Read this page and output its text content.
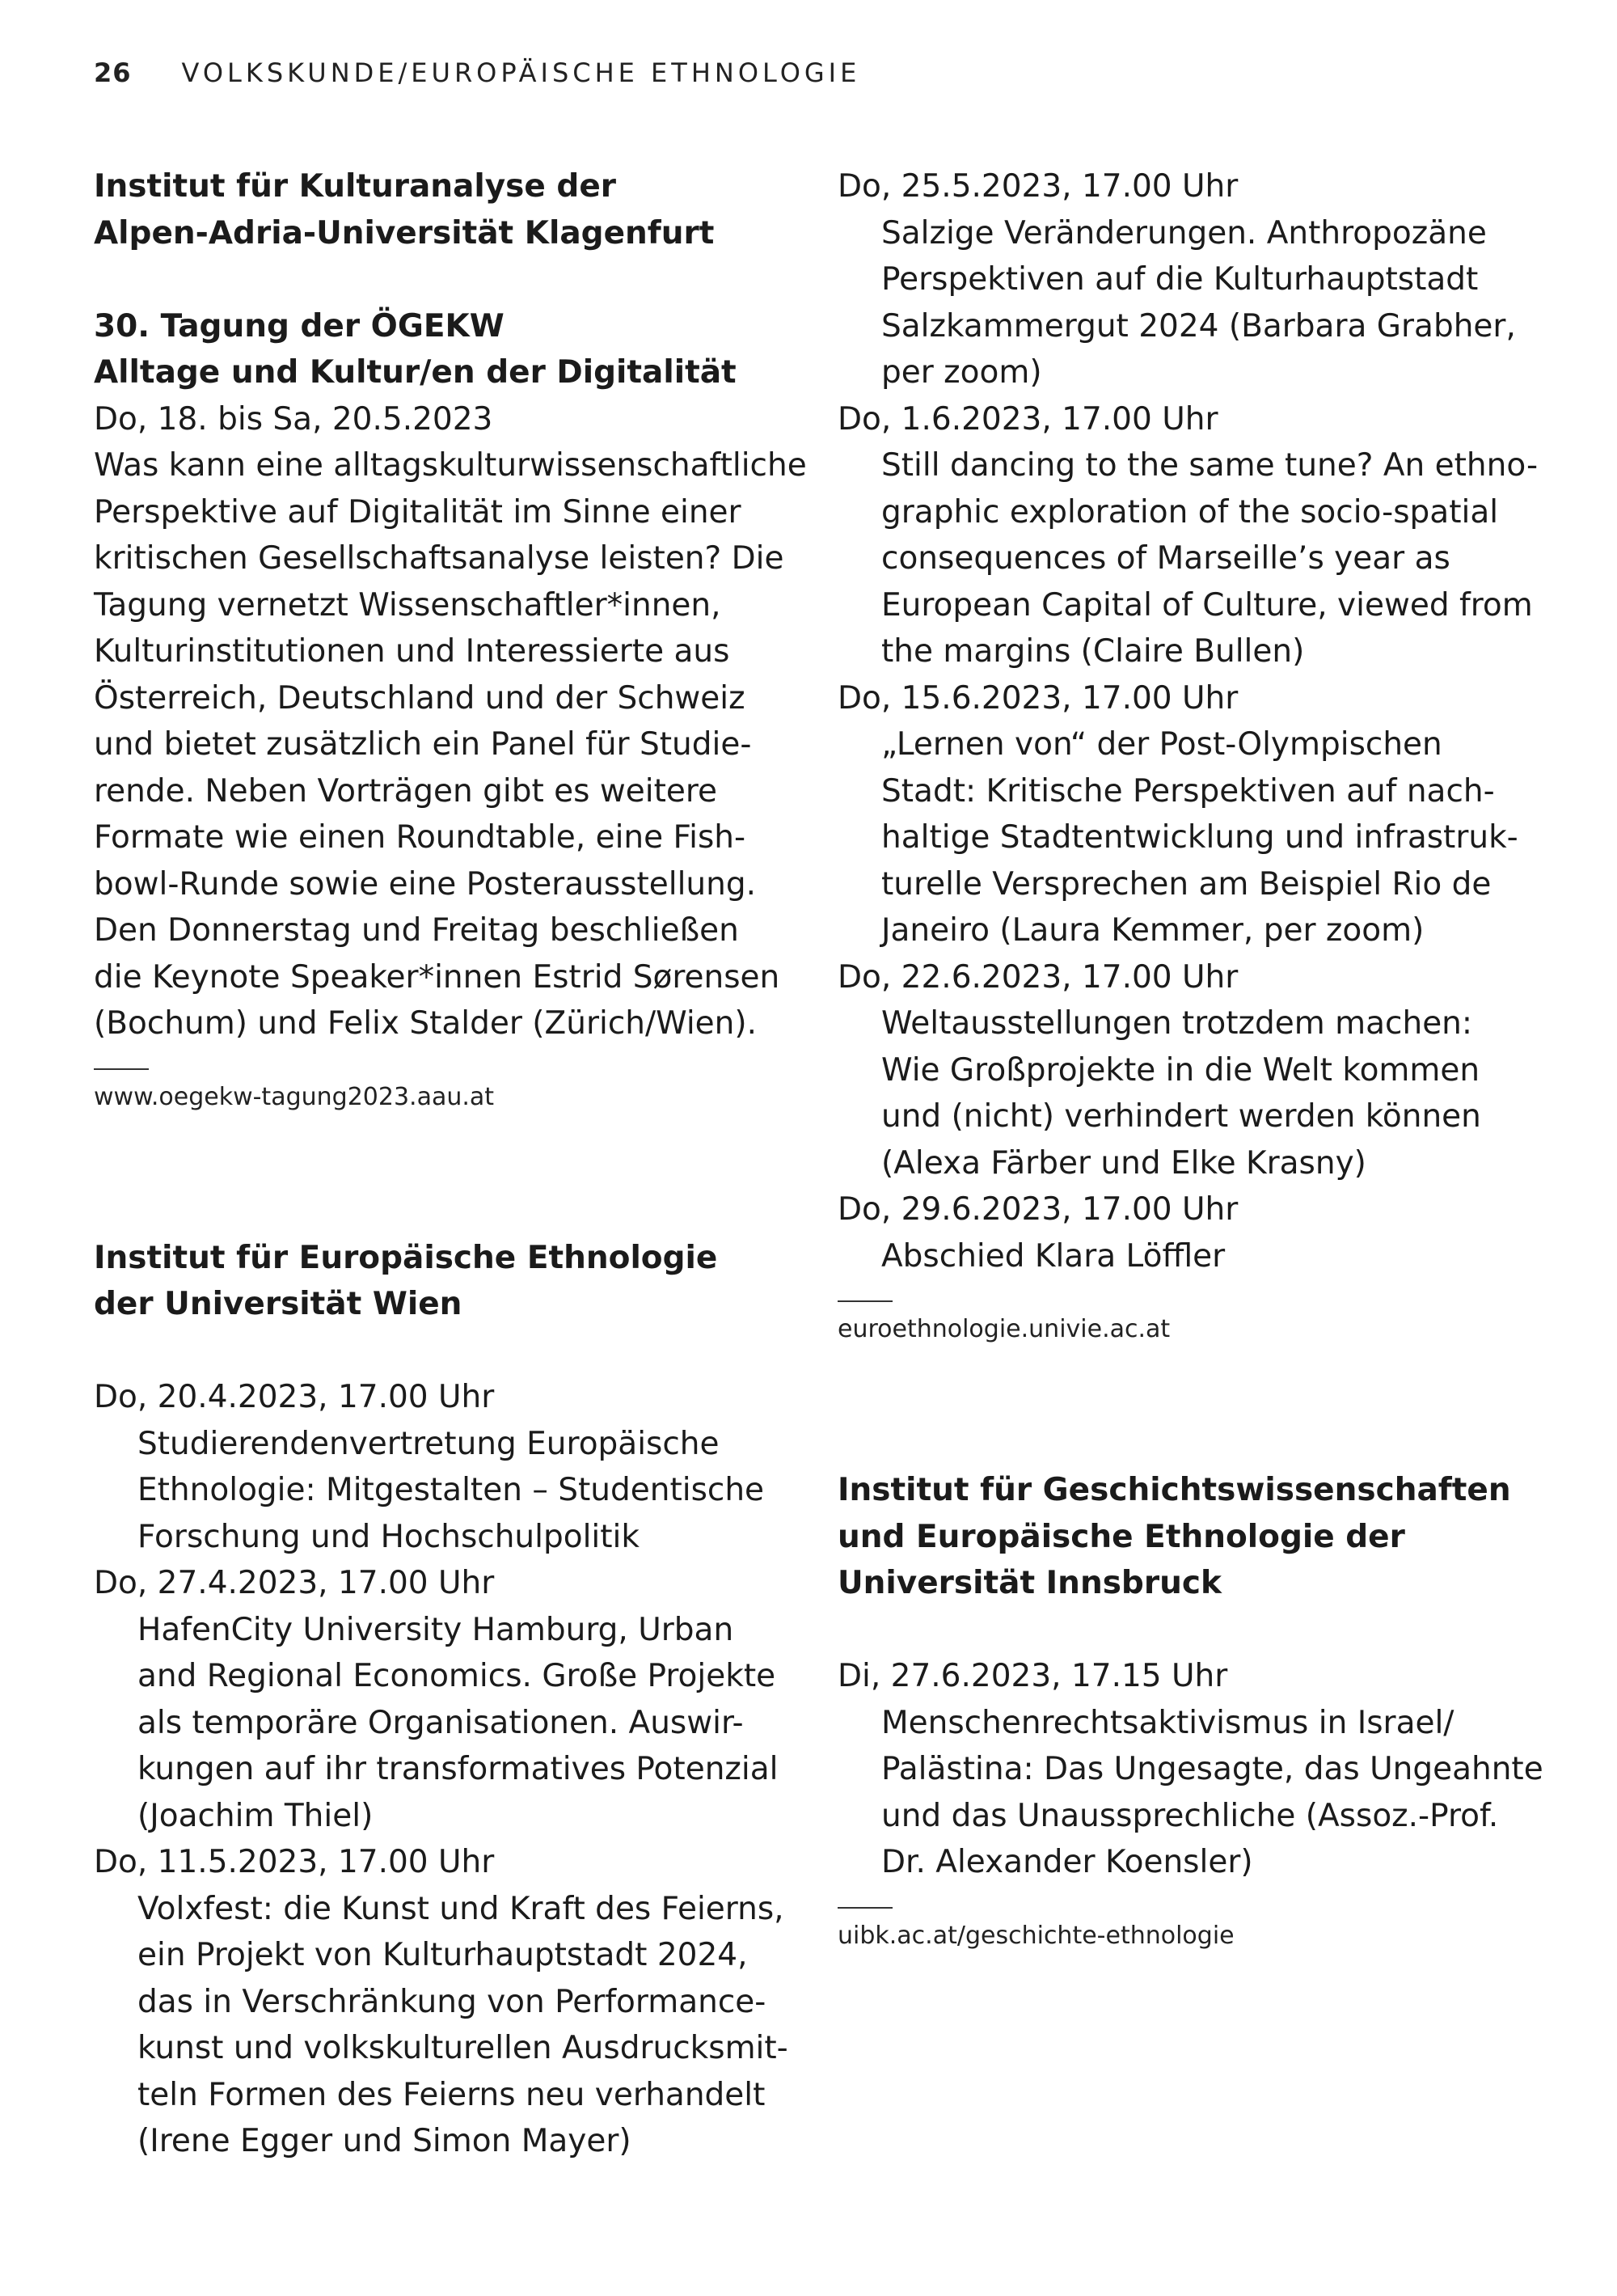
26 VOLKSKUNDE/EUROPÄISCHE ETHNOLOGIE
Institut für Kulturanalyse der
Alpen-Adria-Universität Klagenfurt
30. Tagung der ÖGEKW
Alltage und Kultur/en der Digitalität
Do, 18. bis Sa, 20.5.2023
Was kann eine alltagskulturwissenschaftliche
Perspektive auf Digitalität im Sinne einer
kritischen Gesellschaftsanalyse leisten? Die
Tagung vernetzt Wissenschaftler*innen,
Kulturinstitutionen und Interessierte aus
Österreich, Deutschland und der Schweiz
und bietet zusätzlich ein Panel für Studie-
rende. Neben Vorträgen gibt es weitere
Formate wie einen Roundtable, eine Fish-
bowl-Runde sowie eine Posterausstellung.
Den Donnerstag und Freitag beschließen
die Keynote Speaker*innen Estrid Sørensen
(Bochum) und Felix Stalder (Zürich/Wien).
www.oegekw-tagung2023.aau.at
Institut für Europäische Ethnologie
der Universität Wien
Do, 20.4.2023, 17.00 Uhr
Studierendenvertretung Europäische
Ethnologie: Mitgestalten – Studentische
Forschung und Hochschulpolitik
Do, 27.4.2023, 17.00 Uhr
HafenCity University Hamburg, Urban
and Regional Economics. Große Projekte
als temporäre Organisationen. Auswir-
kungen auf ihr transformatives Potenzial
(Joachim Thiel)
Do, 11.5.2023, 17.00 Uhr
Volxfest: die Kunst und Kraft des Feierns,
ein Projekt von Kulturhauptstadt 2024,
das in Verschränkung von Performance-
kunst und volkskulturellen Ausdrucksmit-
teln Formen des Feierns neu verhandelt
(Irene Egger und Simon Mayer)
Do, 25.5.2023, 17.00 Uhr
Salzige Veränderungen. Anthropozäne
Perspektiven auf die Kulturhauptstadt
Salzkammergut 2024 (Barbara Grabher,
per zoom)
Do, 1.6.2023, 17.00 Uhr
Still dancing to the same tune? An ethno-
graphic exploration of the socio-spatial
consequences of Marseille’s year as
European Capital of Culture, viewed from
the margins (Claire Bullen)
Do, 15.6.2023, 17.00 Uhr
„Lernen von“ der Post-Olympischen
Stadt: Kritische Perspektiven auf nach-
haltige Stadtentwicklung und infrastruk-
turelle Versprechen am Beispiel Rio de
Janeiro (Laura Kemmer, per zoom)
Do, 22.6.2023, 17.00 Uhr
Weltausstellungen trotzdem machen:
Wie Großprojekte in die Welt kommen
und (nicht) verhindert werden können
(Alexa Färber und Elke Krasny)
Do, 29.6.2023, 17.00 Uhr
Abschied Klara Löffler
euroethnologie.univie.ac.at
Institut für Geschichtswissenschaften
und Europäische Ethnologie der
Universität Innsbruck
Di, 27.6.2023, 17.15 Uhr
Menschenrechtsaktivismus in Israel/
Palästina: Das Ungesagte, das Ungeahnte
und das Unaussprechliche (Assoz.-Prof.
Dr. Alexander Koensler)
uibk.ac.at/geschichte-ethnologie
